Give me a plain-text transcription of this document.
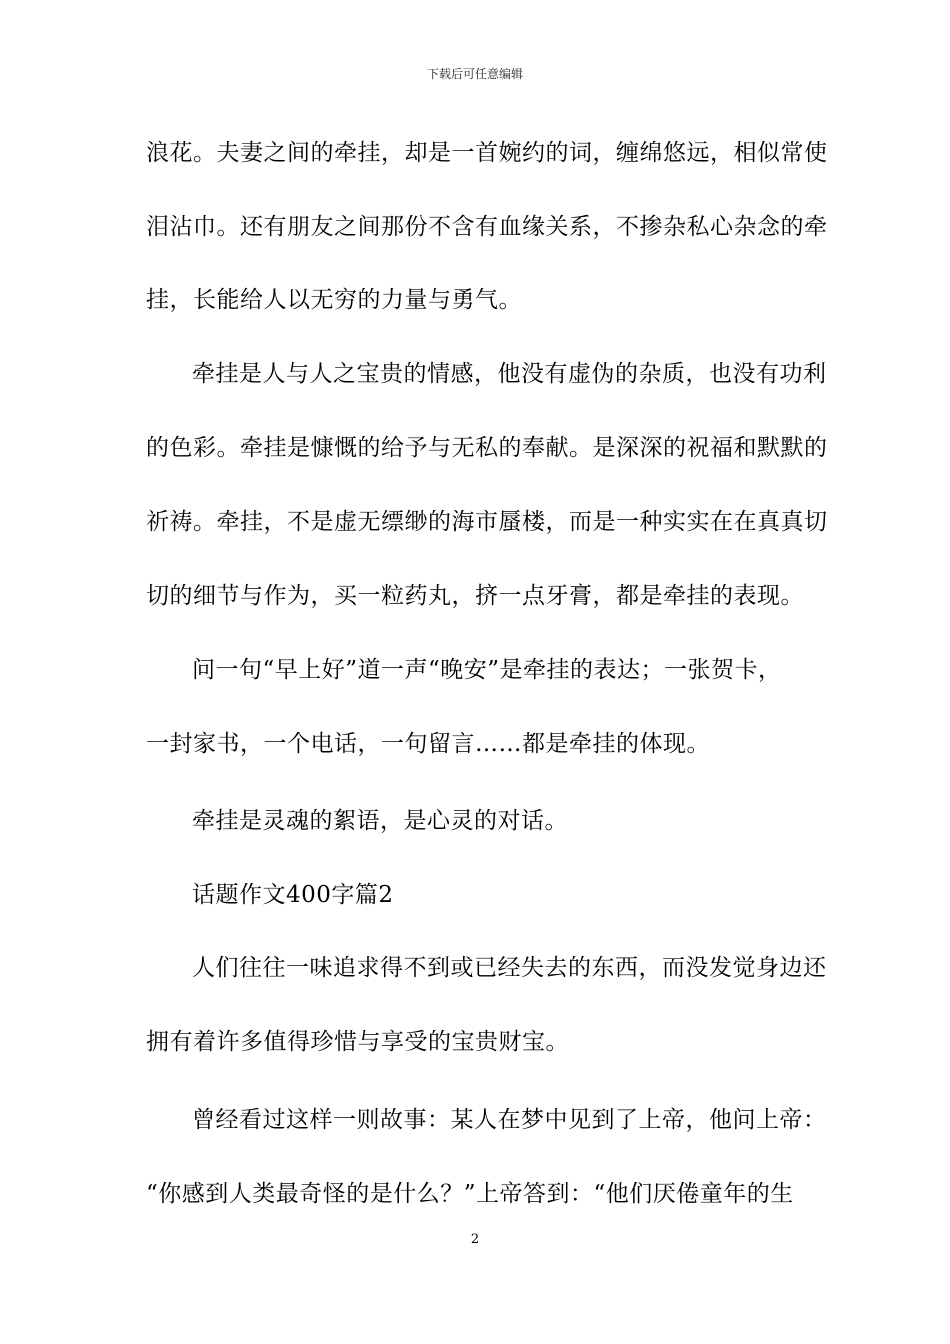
下载后可任意编辑
浪花。夫妻之间的牵挂，却是一首婉约的词，缠绵悠远，相似常使
泪沾巾。还有朋友之间那份不含有血缘关系，不掺杂私心杂念的牵
挂，长能给人以无穷的力量与勇气。
牵挂是人与人之宝贵的情感，他没有虚伪的杂质，也没有功利
的色彩。牵挂是慷慨的给予与无私的奉献。是深深的祝福和默默的
祈祷。牵挂，不是虚无缥缈的海市蜃楼，而是一种实实在在真真切
切的细节与作为，买一粒药丸，挤一点牙膏，都是牵挂的表现。
问一句“早上好”道一声“晚安”是牵挂的表达；一张贺卡，
一封家书，一个电话，一句留言……都是牵挂的体现。
牵挂是灵魂的絮语，是心灵的对话。
话题作文400字篇2
人们往往一味追求得不到或已经失去的东西，而没发觉身边还
拥有着许多值得珍惜与享受的宝贵财宝。
曾经看过这样一则故事：某人在梦中见到了上帝，他问上帝：
“你感到人类最奇怪的是什么？”上帝答到：“他们厌倦童年的生
2
